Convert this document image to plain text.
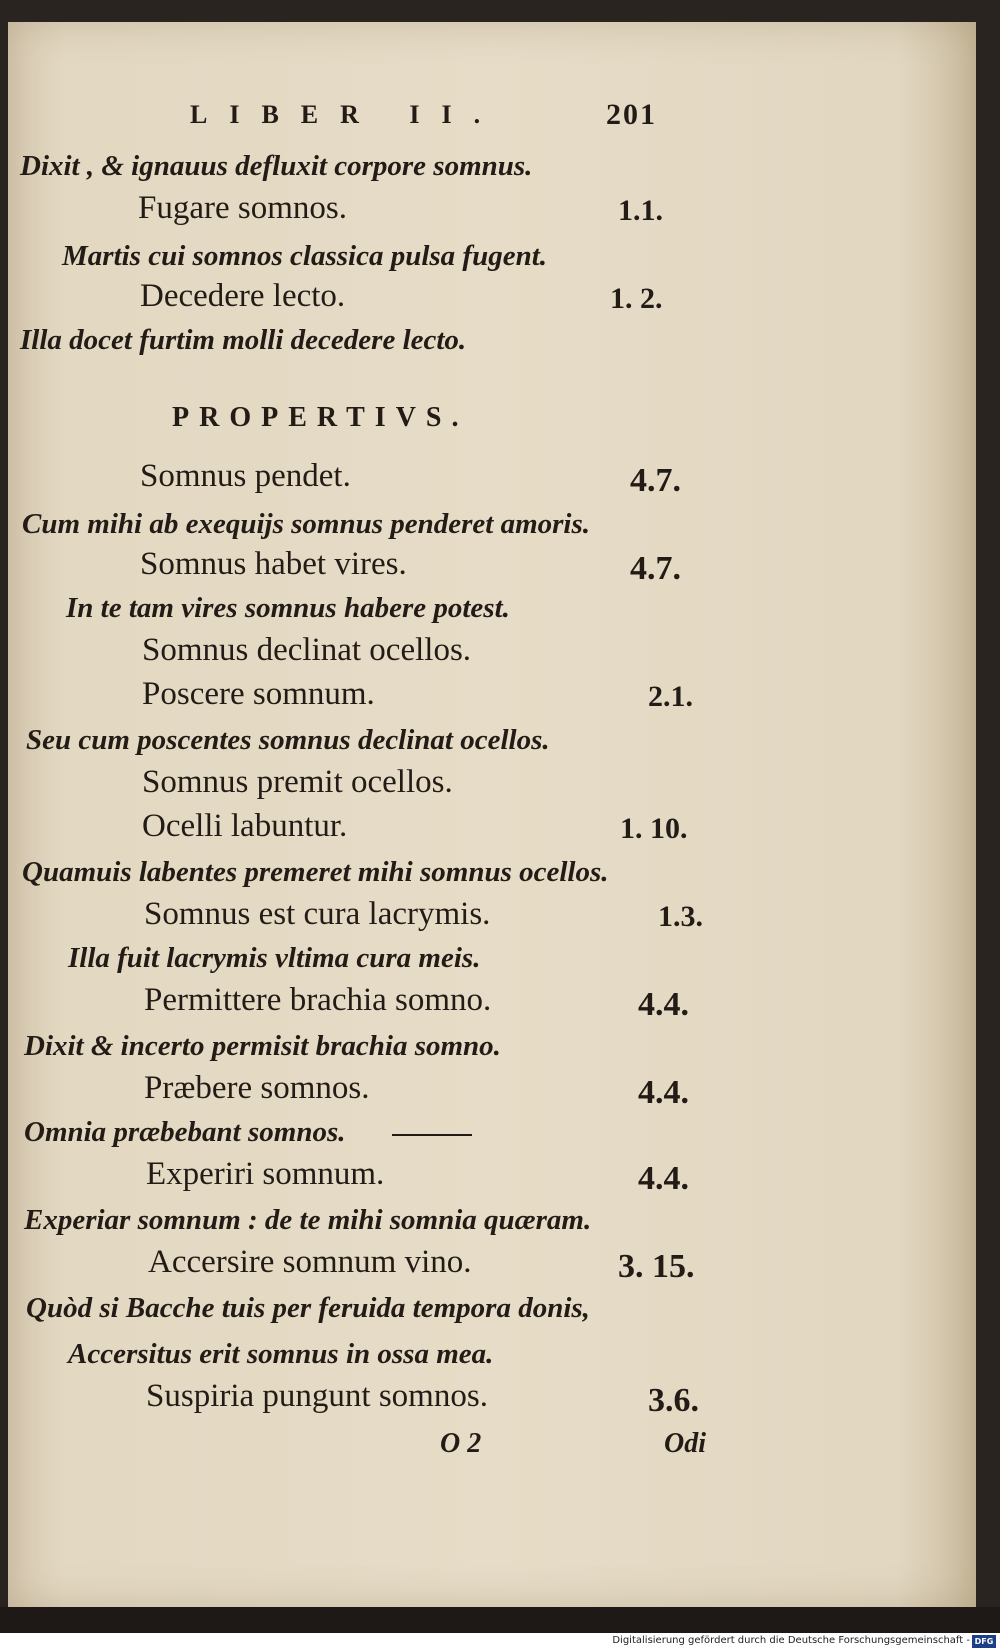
LIBER II.	201
PROPERTIVS.
Dixit , & ignauus defluxit corpore somnus.
Fugare somnos.	1.1.
Martis cui somnos classica pulsa fugent.
Decedere lecto.	1. 2.
Illa docet furtim molli decedere lecto.
Somnus pendet.	4.7.
Cum mihi ab exequijs somnus penderet amoris.
Somnus habet vires.	4.7.
In te tam vires somnus habere potest.
Somnus declinat ocellos.
Poscere somnum.	2.1.
Seu cum poscentes somnus declinat ocellos.
Somnus premit ocellos.
Ocelli labuntur.	1. 10.
Quamuis labentes premeret mihi somnus ocellos.
Somnus est cura lacrymis.	1.3.
Illa fuit lacrymis vltima cura meis.
Permittere brachia somno.	4.4.
Dixit & incerto permisit brachia somno.
Præbere somnos.	4.4.
Omnia præbebant somnos.
Experiri somnum.	4.4.
Experiar somnum : de te mihi somnia quæram.
Accersire somnum vino.	3. 15.
Quòd si Bacche tuis per feruida tempora donis,
Accersitus erit somnus in ossa mea.
Suspiria pungunt somnos.	3.6.
O 2	Odi
Digitalisierung gefördert durch die Deutsche Forschungsgemeinschaft - DFG
